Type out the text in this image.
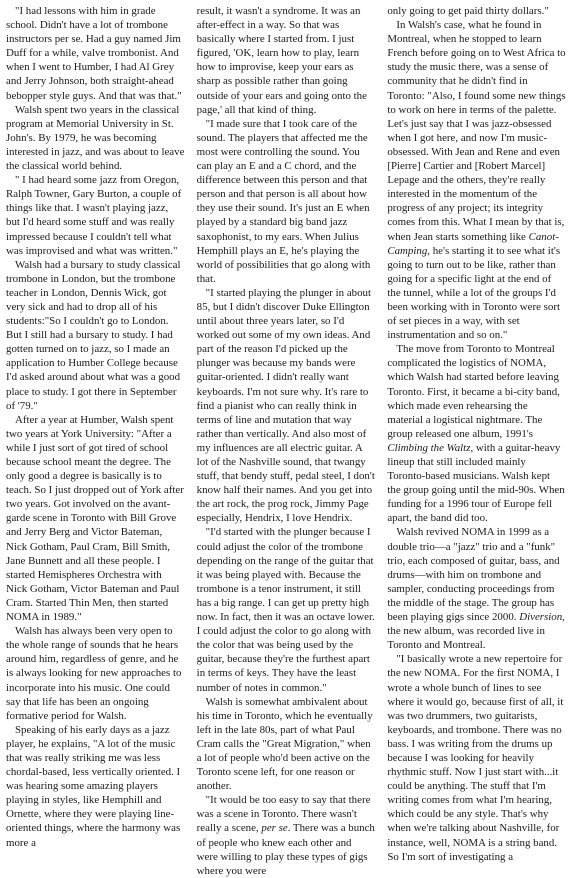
"I had lessons with him in grade school. Didn't have a lot of trombone instructors per se. Had a guy named Jim Duff for a while, valve trombonist. And when I went to Humber, I had Al Grey and Jerry Johnson, both straight-ahead bebopper style guys. And that was that."

Walsh spent two years in the classical program at Memorial University in St. John's. By 1979, he was becoming interested in jazz, and was about to leave the classical world behind.

" I had heard some jazz from Oregon, Ralph Towner, Gary Burton, a couple of things like that. I wasn't playing jazz, but I'd heard some stuff and was really impressed because I couldn't tell what was improvised and what was written."

Walsh had a bursary to study classical trombone in London, but the trombone teacher in London, Dennis Wick, got very sick and had to drop all of his students:"So I couldn't go to London. But I still had a bursary to study. I had gotten turned on to jazz, so I made an application to Humber College because I'd asked around about what was a good place to study. I got there in September of '79."

After a year at Humber, Walsh spent two years at York University: "After a while I just sort of got tired of school because school meant the degree. The only good a degree is basically is to teach. So I just dropped out of York after two years. Got involved on the avant-garde scene in Toronto with Bill Grove and Jerry Berg and Victor Bateman, Nick Gotham, Paul Cram, Bill Smith, Jane Bunnett and all these people. I started Hemispheres Orchestra with Nick Gotham, Victor Bateman and Paul Cram. Started Thin Men, then started NOMA in 1989."

Walsh has always been very open to the whole range of sounds that he hears around him, regardless of genre, and he is always looking for new approaches to incorporate into his music. One could say that life has been an ongoing formative period for Walsh.

Speaking of his early days as a jazz player, he explains, "A lot of the music that was really striking me was less chordal-based, less vertically oriented. I was hearing some amazing players playing in styles, like Hemphill and Ornette, where they were playing line-oriented things, where the harmony was more a

result, it wasn't a syndrome. It was an after-effect in a way. So that was basically where I started from. I just figured, 'OK, learn how to play, learn how to improvise, keep your ears as sharp as possible rather than going outside of your ears and going onto the page,' all that kind of thing.

"I made sure that I took care of the sound. The players that affected me the most were controlling the sound. You can play an E and a C chord, and the difference between this person and that person and that person is all about how they use their sound. It's just an E when played by a standard big band jazz saxophonist, to my ears. When Julius Hemphill plays an E, he's playing the world of possibilities that go along with that.

"I started playing the plunger in about 85, but I didn't discover Duke Ellington until about three years later, so I'd worked out some of my own ideas. And part of the reason I'd picked up the plunger was because my bands were guitar-oriented. I didn't really want keyboards. I'm not sure why. It's rare to find a pianist who can really think in terms of line and mutation that way rather than vertically. And also most of my influences are all electric guitar. A lot of the Nashville sound, that twangy stuff, that bendy stuff, pedal steel, I don't know half their names. And you get into the art rock, the prog rock, Jimmy Page especially, Hendrix, I love Hendrix.

"I'd started with the plunger because I could adjust the color of the trombone depending on the range of the guitar that it was being played with. Because the trombone is a tenor instrument, it still has a big range. I can get up pretty high now. In fact, then it was an octave lower. I could adjust the color to go along with the color that was being used by the guitar, because they're the furthest apart in terms of keys. They have the least number of notes in common."

Walsh is somewhat ambivalent about his time in Toronto, which he eventually left in the late 80s, part of what Paul Cram calls the "Great Migration," when a lot of people who'd been active on the Toronto scene left, for one reason or another.

"It would be too easy to say that there was a scene in Toronto. There wasn't really a scene, per se. There was a bunch of people who knew each other and were willing to play these types of gigs where you were

only going to get paid thirty dollars."

In Walsh's case, what he found in Montreal, when he stopped to learn French before going on to West Africa to study the music there, was a sense of community that he didn't find in Toronto: "Also, I found some new things to work on here in terms of the palette. Let's just say that I was jazz-obsessed when I got here, and now I'm music-obsessed. With Jean and Rene and even [Pierre] Cartier and [Robert Marcel] Lepage and the others, they're really interested in the momentum of the progress of any project; its integrity comes from this. What I mean by that is, when Jean starts something like Canot-Camping, he's starting it to see what it's going to turn out to be like, rather than going for a specific light at the end of the tunnel, while a lot of the groups I'd been working with in Toronto were sort of set pieces in a way, with set instrumentation and so on."

The move from Toronto to Montreal complicated the logistics of NOMA, which Walsh had started before leaving Toronto. First, it became a bi-city band, which made even rehearsing the material a logistical nightmare. The group released one album, 1991's Climbing the Waltz, with a guitar-heavy lineup that still included mainly Toronto-based musicians. Walsh kept the group going until the mid-90s. When funding for a 1996 tour of Europe fell apart, the band did too.

Walsh revived NOMA in 1999 as a double trio—a "jazz" trio and a "funk" trio, each composed of guitar, bass, and drums—with him on trombone and sampler, conducting proceedings from the middle of the stage. The group has been playing gigs since 2000. Diversion, the new album, was recorded live in Toronto and Montreal.

"I basically wrote a new repertoire for the new NOMA. For the first NOMA, I wrote a whole bunch of lines to see where it would go, because first of all, it was two drummers, two guitarists, keyboards, and trombone. There was no bass. I was writing from the drums up because I was looking for heavily rhythmic stuff. Now I just start with...it could be anything. The stuff that I'm writing comes from what I'm hearing, which could be any style. That's why when we're talking about Nashville, for instance, well, NOMA is a string band. So I'm sort of investigating a
